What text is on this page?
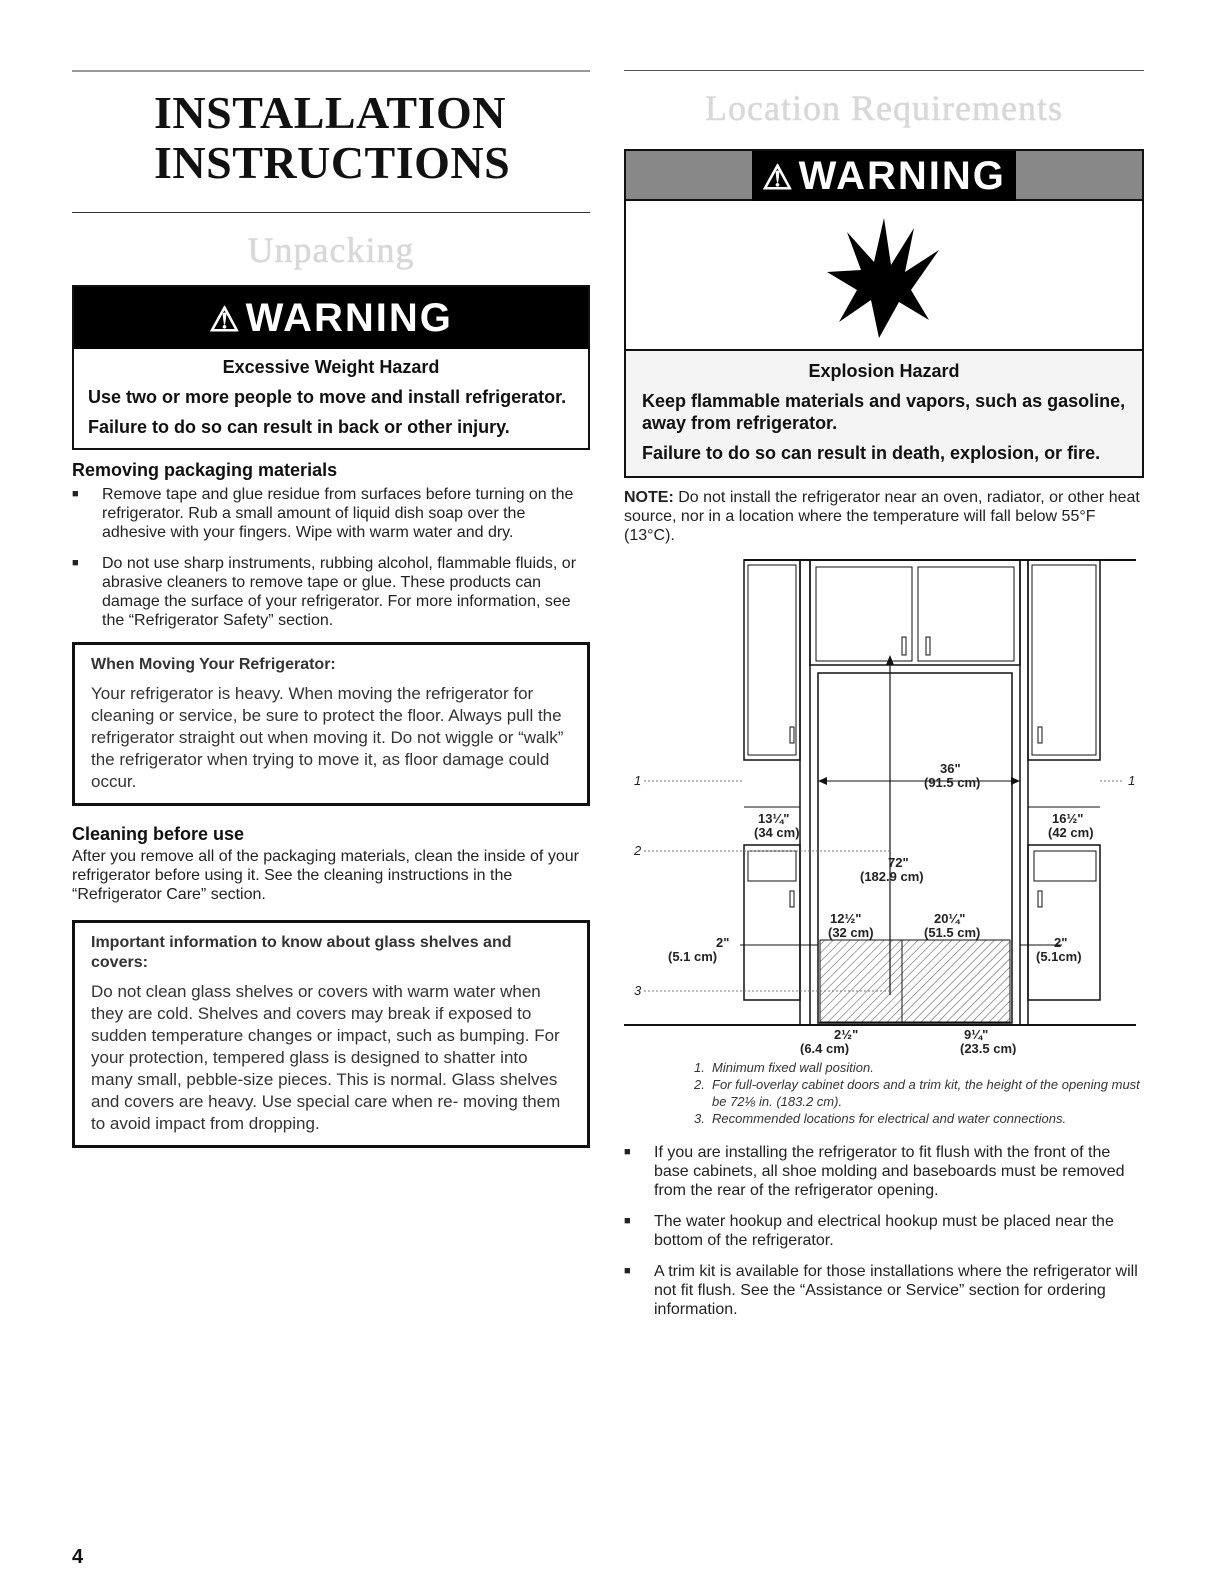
INSTALLATION
INSTRUCTIONS
Unpacking
⚠ WARNING
Excessive Weight Hazard
Use two or more people to move and install refrigerator.
Failure to do so can result in back or other injury.
Removing packaging materials
■ Remove tape and glue residue from surfaces before turning on the refrigerator. Rub a small amount of liquid dish soap over the adhesive with your fingers. Wipe with warm water and dry.
■ Do not use sharp instruments, rubbing alcohol, flammable fluids, or abrasive cleaners to remove tape or glue. These products can damage the surface of your refrigerator. For more information, see the “Refrigerator Safety” section.
When Moving Your Refrigerator:
Your refrigerator is heavy. When moving the refrigerator for cleaning or service, be sure to protect the floor. Always pull the refrigerator straight out when moving it. Do not wiggle or “walk” the refrigerator when trying to move it, as floor damage could occur.
Cleaning before use
After you remove all of the packaging materials, clean the inside of your refrigerator before using it. See the cleaning instructions in the “Refrigerator Care” section.
Important information to know about glass shelves and covers:
Do not clean glass shelves or covers with warm water when they are cold. Shelves and covers may break if exposed to sudden temperature changes or impact, such as bumping. For your protection, tempered glass is designed to shatter into many small, pebble-size pieces. This is normal. Glass shelves and covers are heavy. Use special care when re- moving them to avoid impact from dropping.
Location Requirements
⚠ WARNING
Explosion Hazard
Keep flammable materials and vapors, such as gasoline, away from refrigerator.
Failure to do so can result in death, explosion, or fire.

NOTE: Do not install the refrigerator near an oven, radiator, or other heat source, nor in a location where the temperature will fall below 55°F (13°C).

36"
(91.5 cm)
72"
(182.9 cm)
13¼"
(34 cm)
16½"
(42 cm)
12½"
(32 cm)
20¼"
(51.5 cm)
2"
(5.1 cm)
2"
(5.1cm)
2½"
(6.4 cm)
9¼"
(23.5 cm)
1	1
2
3
1. Minimum fixed wall position.
2. For full-overlay cabinet doors and a trim kit, the height of the opening must be 72⅛ in. (183.2 cm).
3. Recommended locations for electrical and water connections.
■ If you are installing the refrigerator to fit flush with the front of the base cabinets, all shoe molding and baseboards must be removed from the rear of the refrigerator opening.
■ The water hookup and electrical hookup must be placed near the bottom of the refrigerator.
■ A trim kit is available for those installations where the refrigerator will not fit flush. See the “Assistance or Service” section for ordering information.
4
